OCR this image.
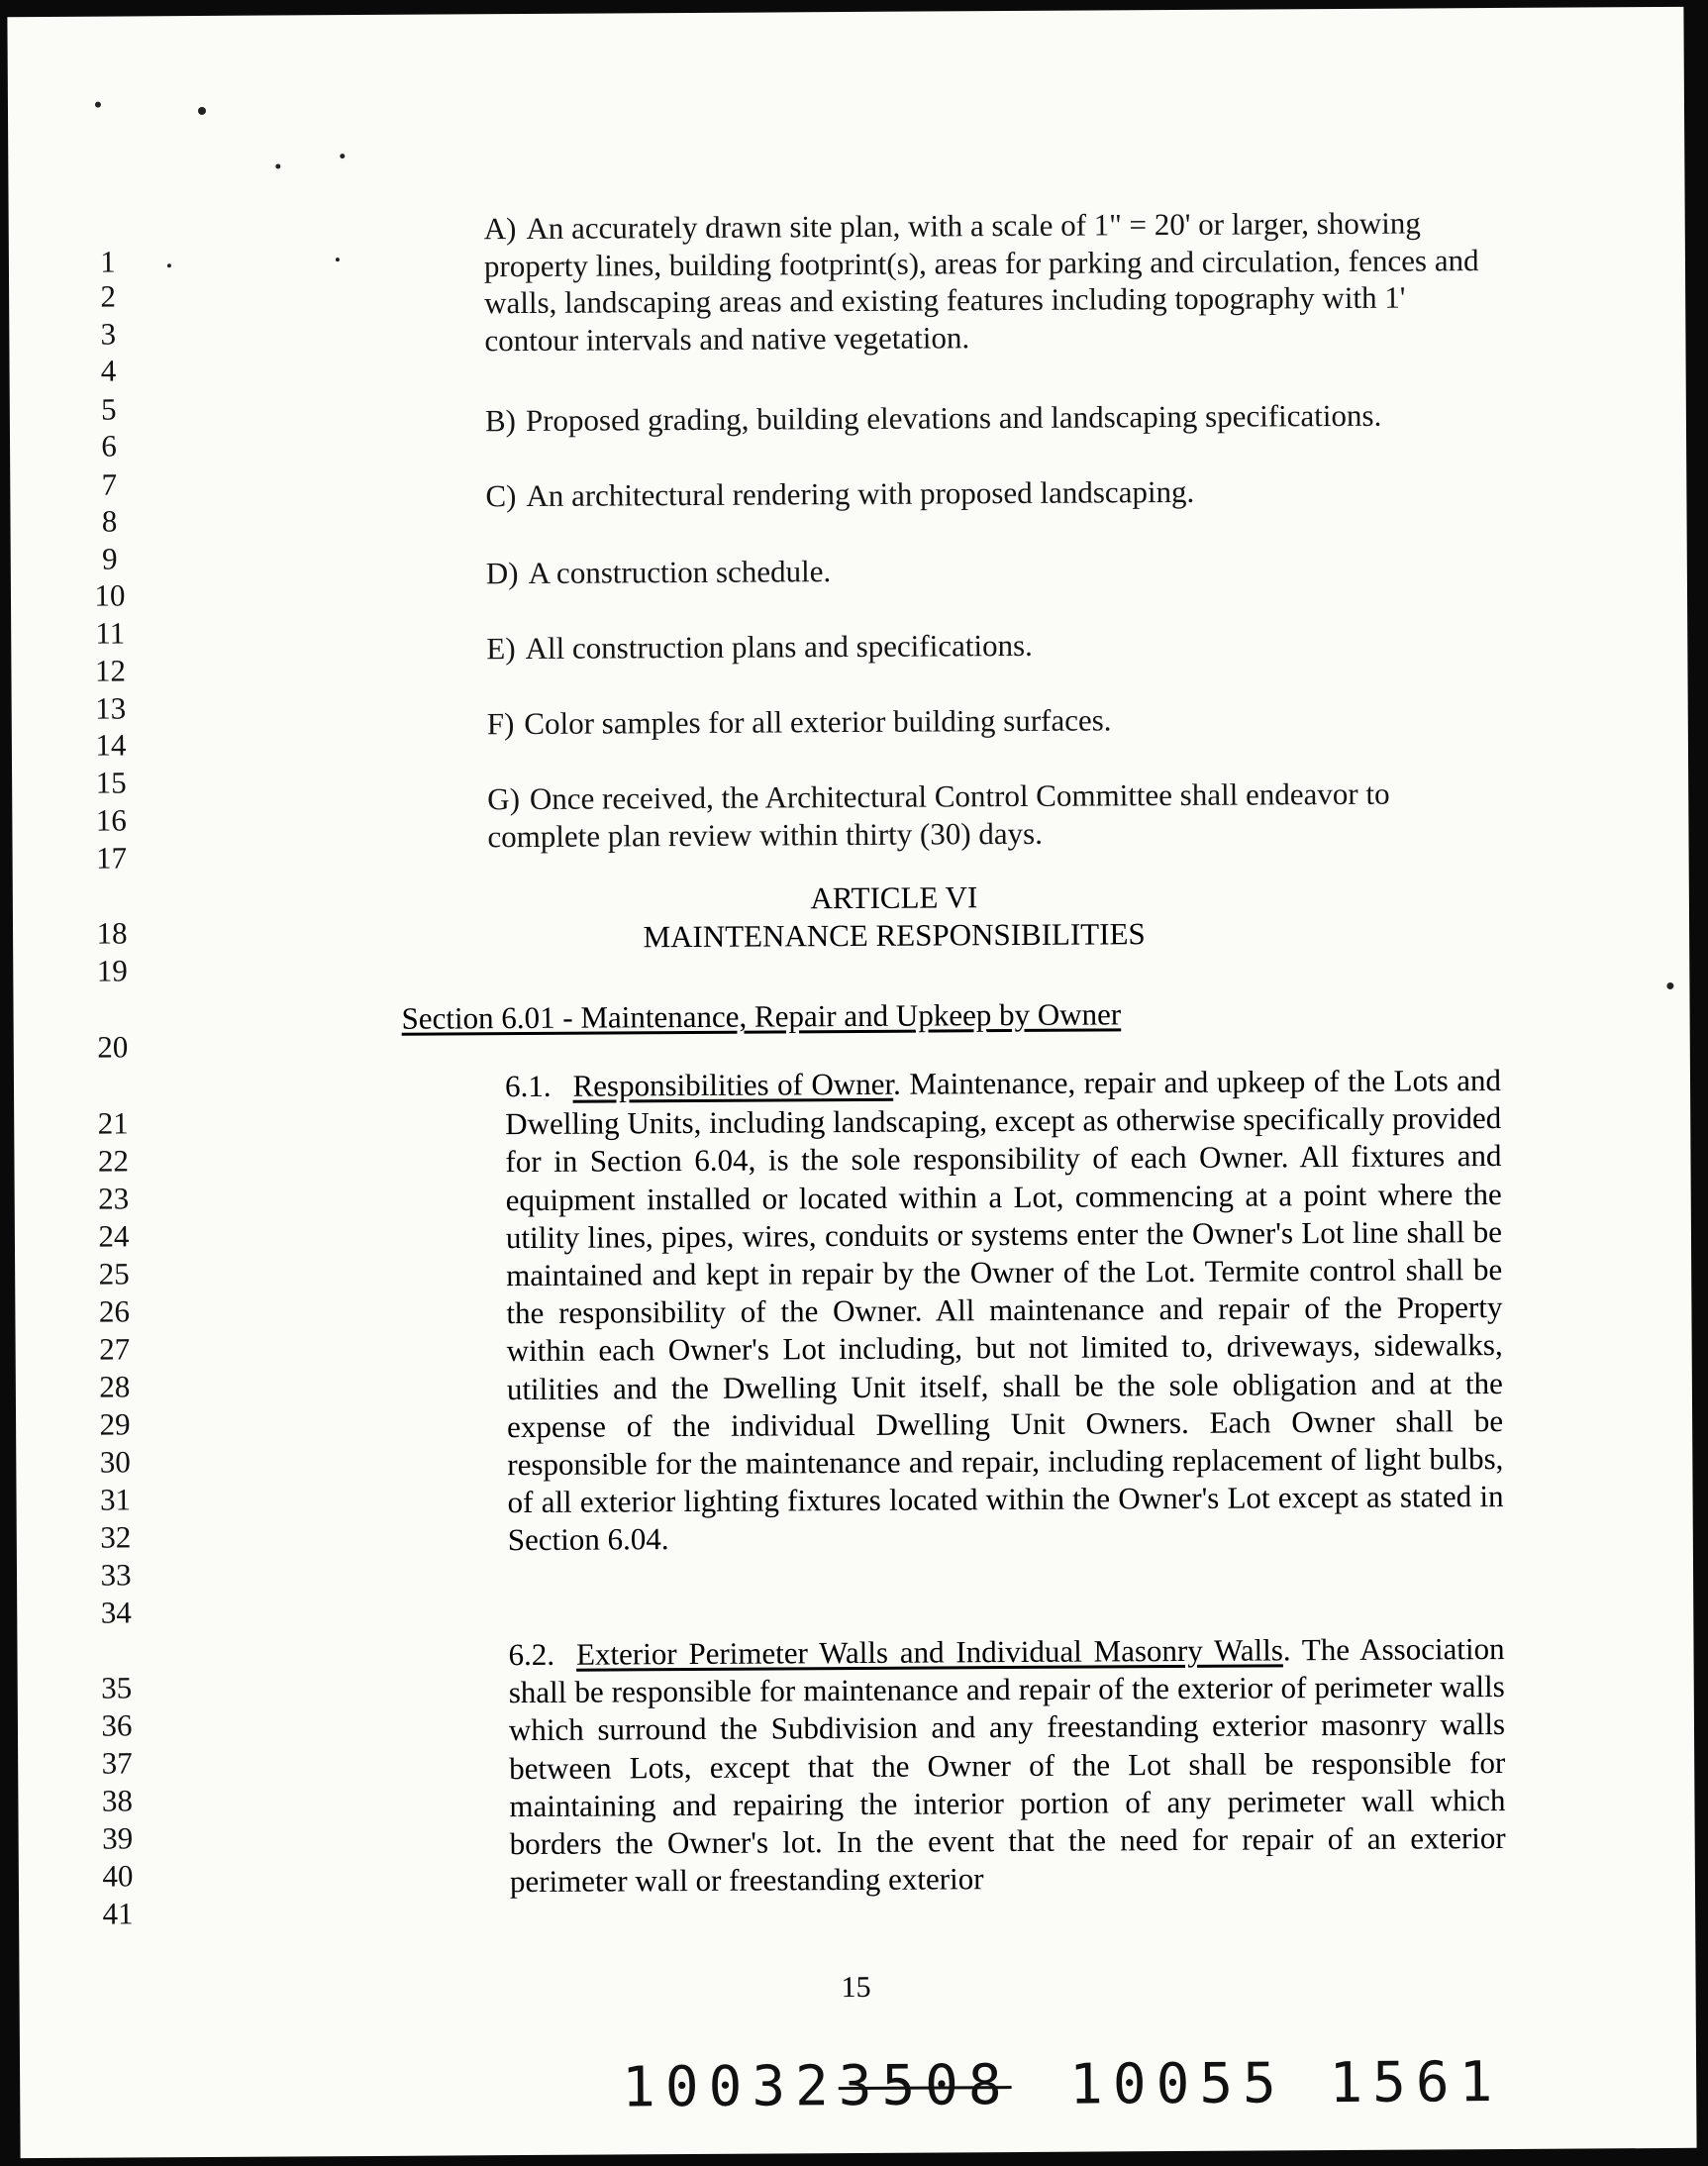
1
2
3
4
5
6
7
8
9
10
11
12
13
14
15
16
17
18
19
20
21
22
23
24
25
26
27
28
29
30
31
32
33
34
35
36
37
38
39
40
41
A) An accurately drawn site plan, with a scale of 1" = 20' or larger, showing property lines, building footprint(s), areas for parking and circulation, fences and walls, landscaping areas and existing features including topography with 1' contour intervals and native vegetation.
B) Proposed grading, building elevations and landscaping specifications.
C) An architectural rendering with proposed landscaping.
D) A construction schedule.
E) All construction plans and specifications.
F) Color samples for all exterior building surfaces.
G) Once received, the Architectural Control Committee shall endeavor to complete plan review within thirty (30) days.
ARTICLE VI
MAINTENANCE RESPONSIBILITIES
Section 6.01 - Maintenance, Repair and Upkeep by Owner
6.1. Responsibilities of Owner. Maintenance, repair and upkeep of the Lots and Dwelling Units, including landscaping, except as otherwise specifically provided for in Section 6.04, is the sole responsibility of each Owner. All fixtures and equipment installed or located within a Lot, commencing at a point where the utility lines, pipes, wires, conduits or systems enter the Owner's Lot line shall be maintained and kept in repair by the Owner of the Lot. Termite control shall be the responsibility of the Owner. All maintenance and repair of the Property within each Owner's Lot including, but not limited to, driveways, sidewalks, utilities and the Dwelling Unit itself, shall be the sole obligation and at the expense of the individual Dwelling Unit Owners. Each Owner shall be responsible for the maintenance and repair, including replacement of light bulbs, of all exterior lighting fixtures located within the Owner's Lot except as stated in Section 6.04.
6.2. Exterior Perimeter Walls and Individual Masonry Walls. The Association shall be responsible for maintenance and repair of the exterior of perimeter walls which surround the Subdivision and any freestanding exterior masonry walls between Lots, except that the Owner of the Lot shall be responsible for maintaining and repairing the interior portion of any perimeter wall which borders the Owner's lot. In the event that the need for repair of an exterior perimeter wall or freestanding exterior
15
100323508 10055 1561
